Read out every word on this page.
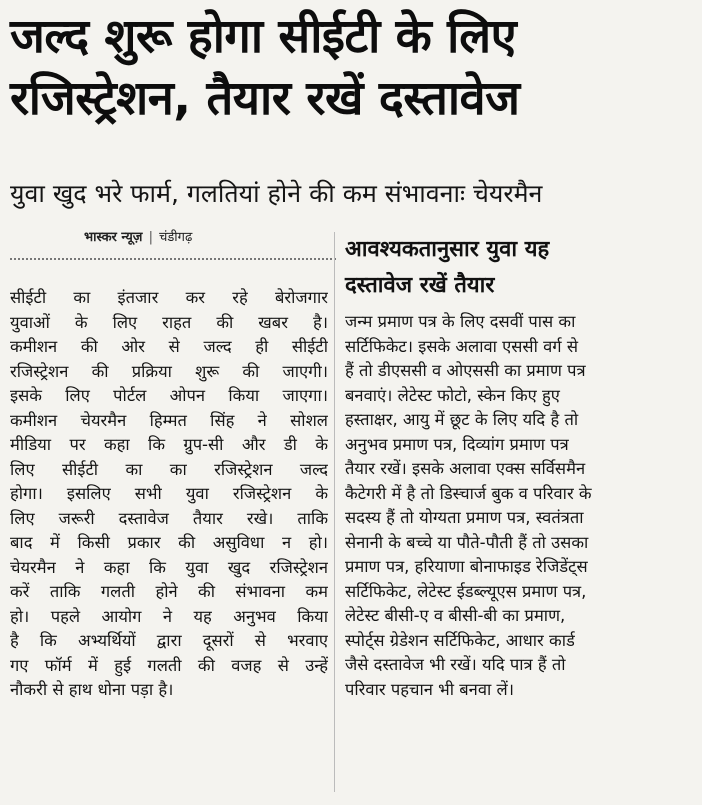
जल्द शुरू होगा सीईटी के लिए
रजिस्ट्रेशन, तैयार रखें दस्तावेज
युवा खुद भरे फार्म, गलतियां होने की कम संभावनाः चेयरमैन
भास्कर न्यूज़ | चंडीगढ़
सीईटी का इंतजार कर रहे बेरोजगार
युवाओं के लिए राहत की खबर है।
कमीशन की ओर से जल्द ही सीईटी
रजिस्ट्रेशन की प्रक्रिया शुरू की जाएगी।
इसके लिए पोर्टल ओपन किया जाएगा।
कमीशन चेयरमैन हिम्मत सिंह ने सोशल
मीडिया पर कहा कि ग्रुप-सी और डी के
लिए सीईटी का का रजिस्ट्रेशन जल्द
होगा। इसलिए सभी युवा रजिस्ट्रेशन के
लिए जरूरी दस्तावेज तैयार रखे। ताकि
बाद में किसी प्रकार की असुविधा न हो।
चेयरमैन ने कहा कि युवा खुद रजिस्ट्रेशन
करें ताकि गलती होने की संभावना कम
हो। पहले आयोग ने यह अनुभव किया
है कि अभ्यर्थियों द्वारा दूसरों से भरवाए
गए फॉर्म में हुई गलती की वजह से उन्हें
नौकरी से हाथ धोना पड़ा है।
आवश्यकतानुसार युवा यह
दस्तावेज रखें तैयार
जन्म प्रमाण पत्र के लिए दसवीं पास का
सर्टिफिकेट। इसके अलावा एससी वर्ग से
हैं तो डीएससी व ओएससी का प्रमाण पत्र
बनवाएं। लेटेस्ट फोटो, स्केन किए हुए
हस्ताक्षर, आयु में छूट के लिए यदि है तो
अनुभव प्रमाण पत्र, दिव्यांग प्रमाण पत्र
तैयार रखें। इसके अलावा एक्स सर्विसमैन
कैटेगरी में है तो डिस्चार्ज बुक व परिवार के
सदस्य हैं तो योग्यता प्रमाण पत्र, स्वतंत्रता
सेनानी के बच्चे या पौते-पौती हैं तो उसका
प्रमाण पत्र, हरियाणा बोनाफाइड रेजिडेंट्स
सर्टिफिकेट, लेटेस्ट ईडब्ल्यूएस प्रमाण पत्र,
लेटेस्ट बीसी-ए व बीसी-बी का प्रमाण,
स्पोर्ट्स ग्रेडेशन सर्टिफिकेट, आधार कार्ड
जैसे दस्तावेज भी रखें। यदि पात्र हैं तो
परिवार पहचान भी बनवा लें।
